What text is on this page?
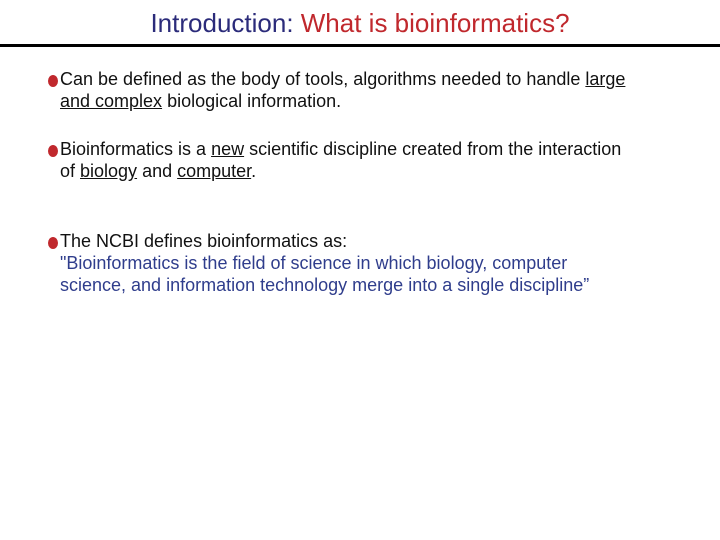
Introduction: What is bioinformatics?
Can be defined as the body of tools, algorithms needed to handle large
and complex biological information.
Bioinformatics is a new scientific discipline created from the interaction
of biology and computer.
The NCBI defines bioinformatics as:
"Bioinformatics is the field of science in which biology, computer
science, and information technology merge into a single discipline”
